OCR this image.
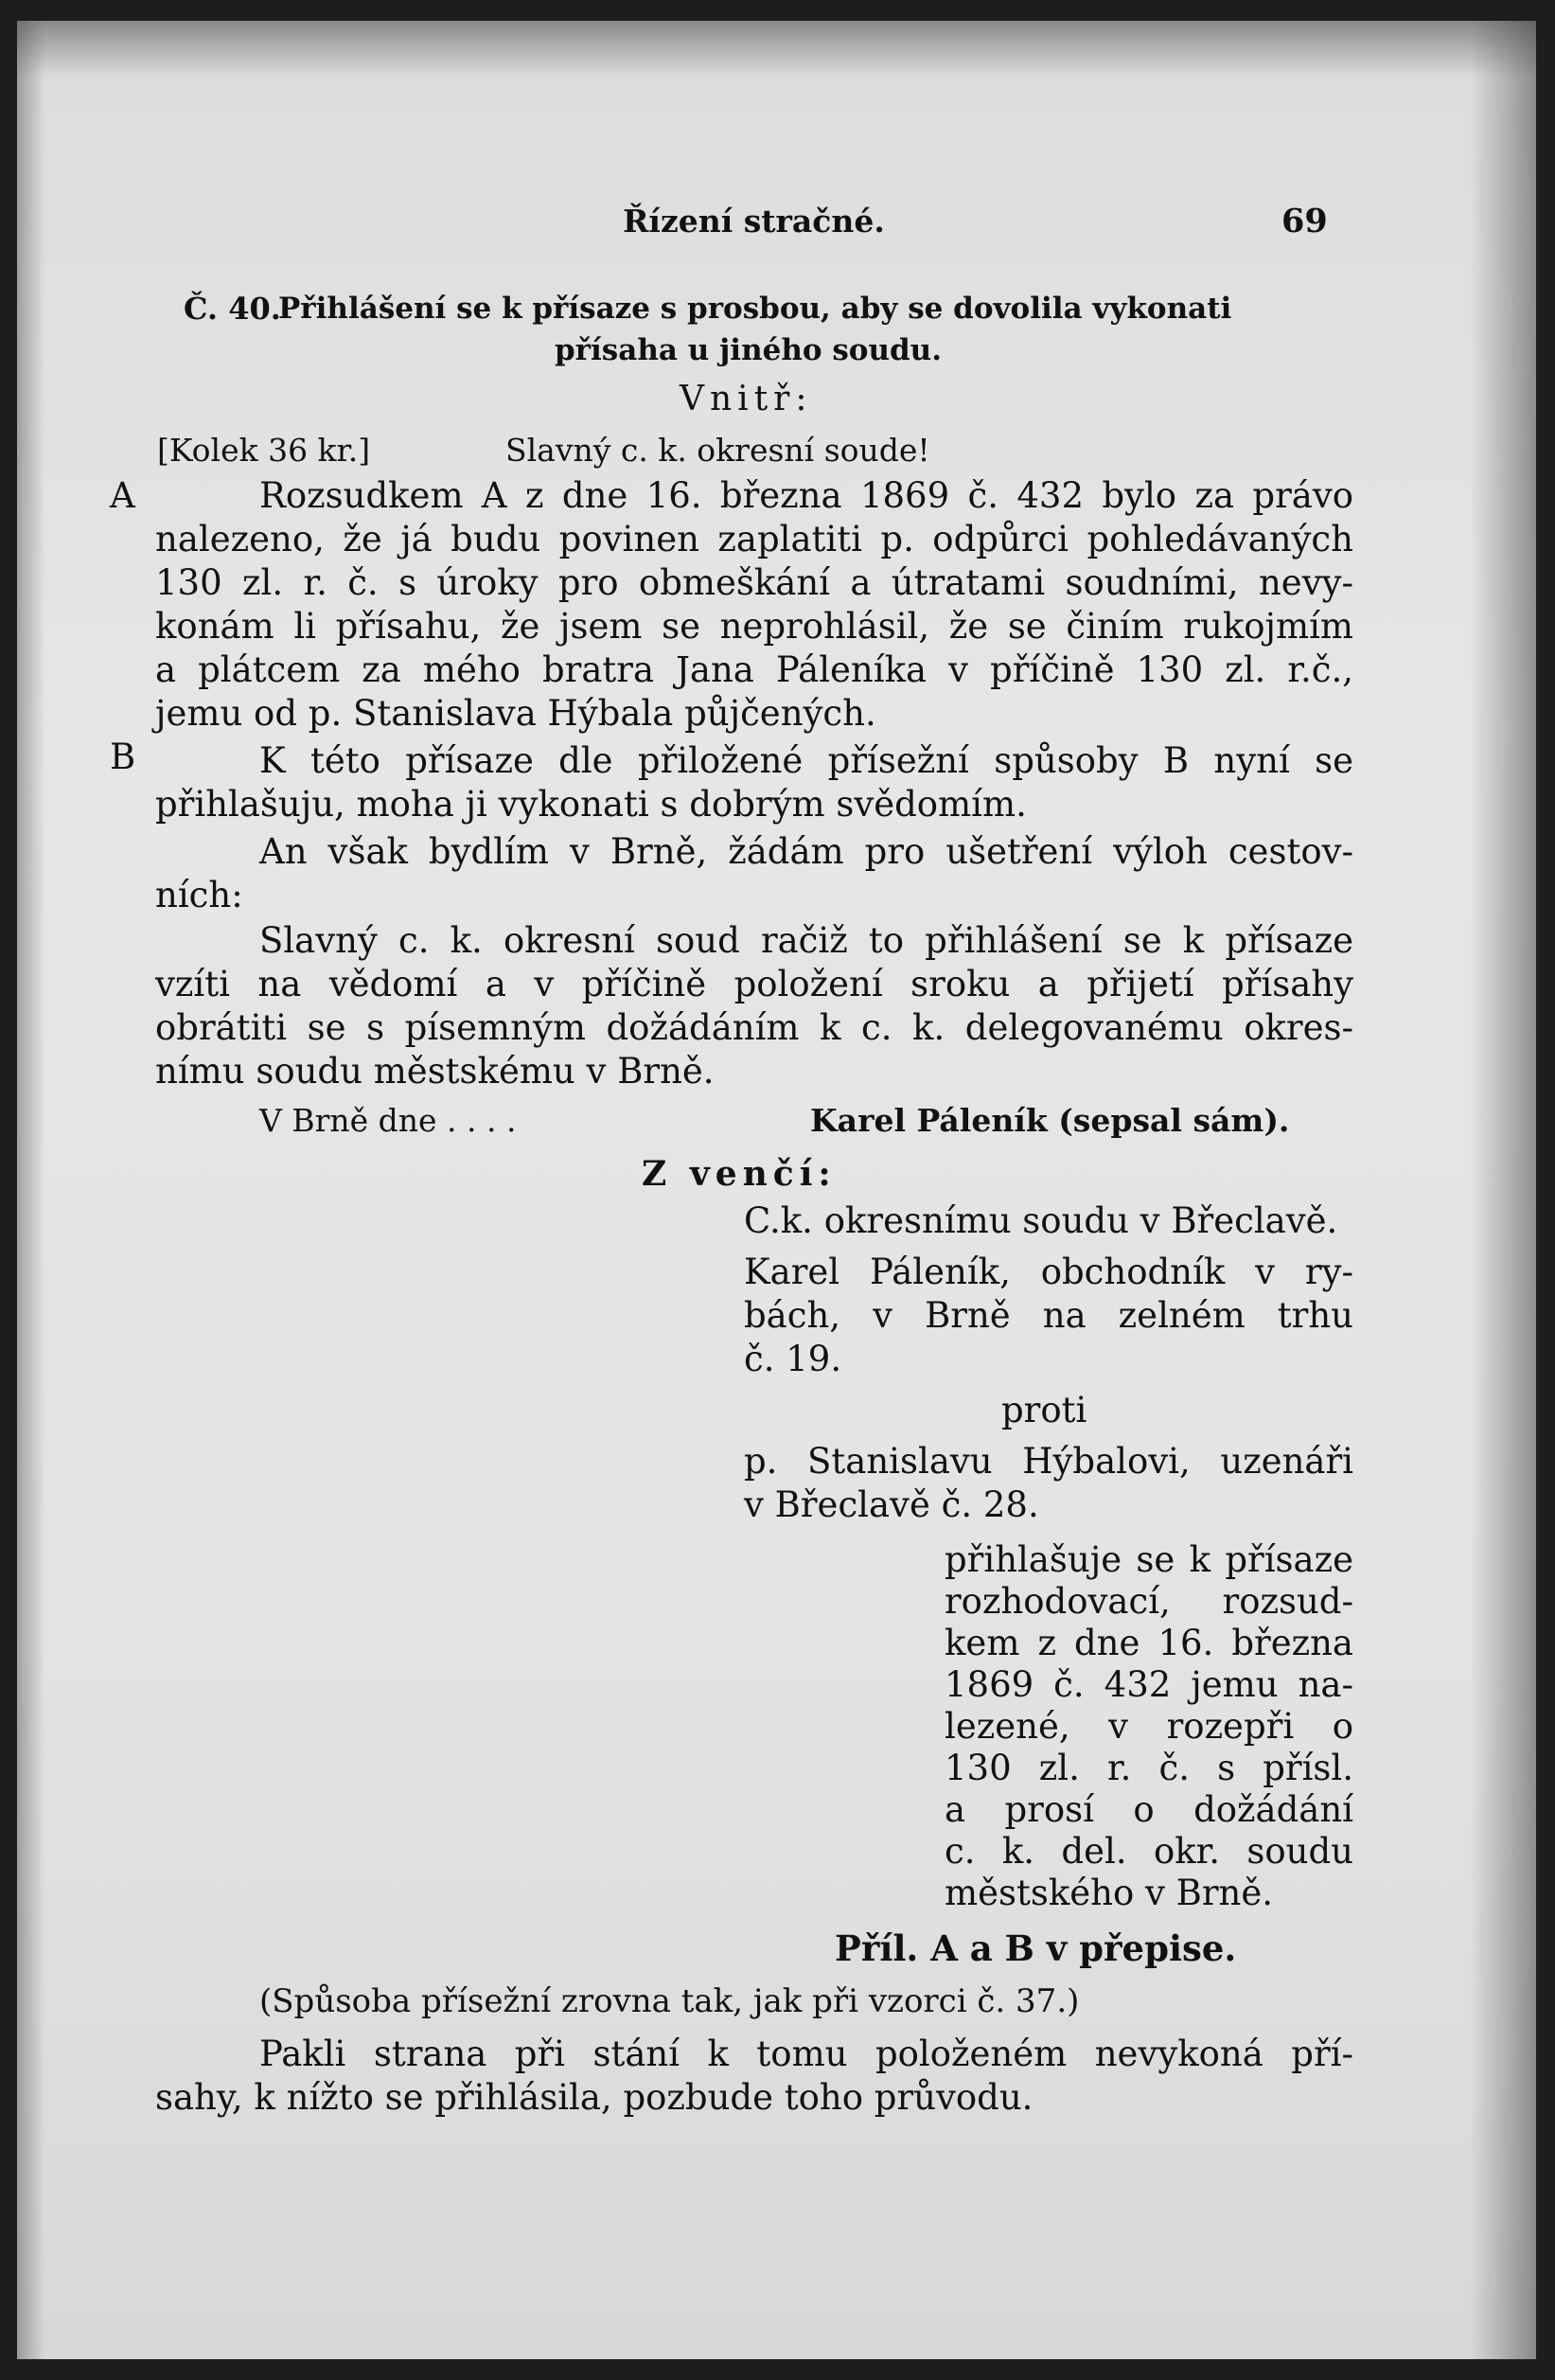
Řízení stračné.	69
Č. 40.
Přihlášení se k přísaze s prosbou, aby se dovolila vykonati
přísaha u jiného soudu.
Vnitř:
[Kolek 36 kr.]	Slavný c. k. okresní soude!
A	Rozsudkem A z dne 16. března 1869 č. 432 bylo za právo
nalezeno, že já budu povinen zaplatiti p. odpůrci pohledávaných
130 zl. r. č. s úroky pro obmeškání a útratami soudními, nevy-
konám li přísahu, že jsem se neprohlásil, že se činím rukojmím
a plátcem za mého bratra Jana Páleníka v příčině 130 zl. r.č.,
jemu od p. Stanislava Hýbala půjčených.
B	K této přísaze dle přiložené přísežní spůsoby B nyní se
přihlašuju, moha ji vykonati s dobrým svědomím.
An však bydlím v Brně, žádám pro ušetření výloh cestov-
ních:
Slavný c. k. okresní soud račiž to přihlášení se k přísaze
vzíti na vědomí a v příčině položení sroku a přijetí přísahy
obrátiti se s písemným dožádáním k c. k. delegovanému okres-
nímu soudu městskému v Brně.
V Brně dne . . . .	Karel Páleník (sepsal sám).
Z venčí:
C.k. okresnímu soudu v Břeclavě.
Karel Páleník, obchodník v ry-
bách, v Brně na zelném trhu
č. 19.
proti
p. Stanislavu Hýbalovi, uzenáři
v Břeclavě č. 28.
přihlašuje se k přísaze
rozhodovací, rozsud-
kem z dne 16. března
1869 č. 432 jemu na-
lezené, v rozepři o
130 zl. r. č. s přísl.
a prosí o dožádání
c. k. del. okr. soudu
městského v Brně.
Příl. A a B v přepise.
(Spůsoba přísežní zrovna tak, jak při vzorci č. 37.)
Pakli strana při stání k tomu položeném nevykoná pří-
sahy, k nížto se přihlásila, pozbude toho průvodu.
